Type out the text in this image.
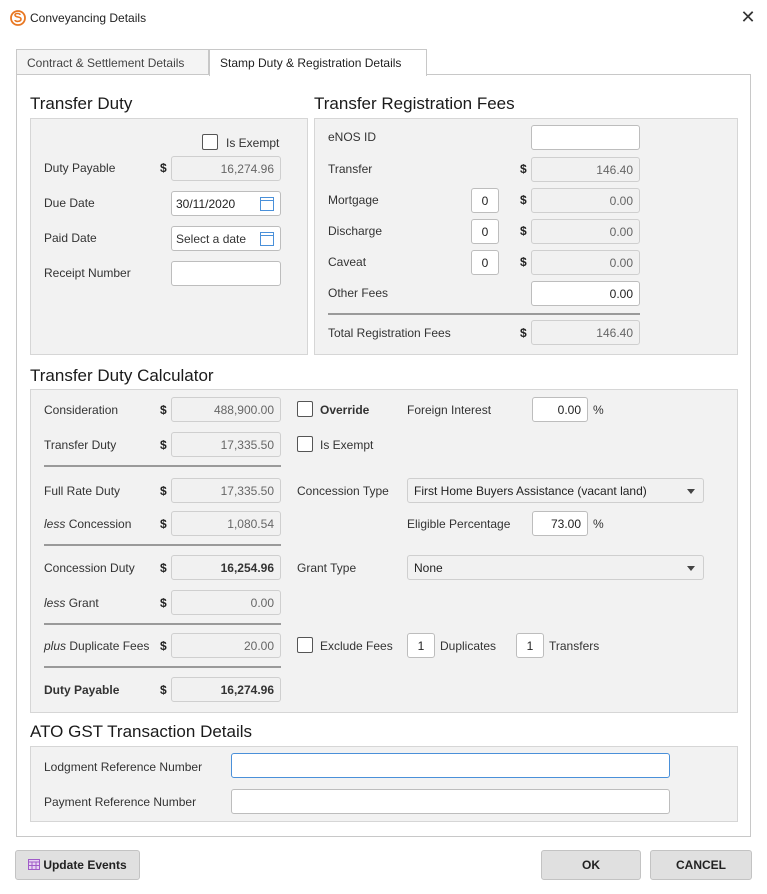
Conveyancing Details	✕
Contract & Settlement Details	Stamp Duty & Registration Details
Transfer Duty
Is Exempt
Duty Payable	$	16,274.96
Due Date	30/11/2020
Paid Date	Select a date
Receipt Number
Transfer Registration Fees
eNOS ID
Transfer	$	146.40
Mortgage	0	$	0.00
Discharge	0	$	0.00
Caveat	0	$	0.00
Other Fees	0.00
Total Registration Fees	$	146.40
Transfer Duty Calculator
Consideration	$	488,900.00	Override	Foreign Interest	0.00	%
Transfer Duty	$	17,335.50	Is Exempt
Full Rate Duty	$	17,335.50	Concession Type	First Home Buyers Assistance (vacant land)
less Concession $	1,080.54	Eligible Percentage	73.00	%
Concession Duty $	16,254.96	Grant Type	None
less Grant	$	0.00
plus Duplicate Fees $	20.00	Exclude Fees	1	Duplicates	1	Transfers
Duty Payable	$	16,274.96
ATO GST Transaction Details
Lodgment Reference Number
Payment Reference Number
Update Events	OK	CANCEL
